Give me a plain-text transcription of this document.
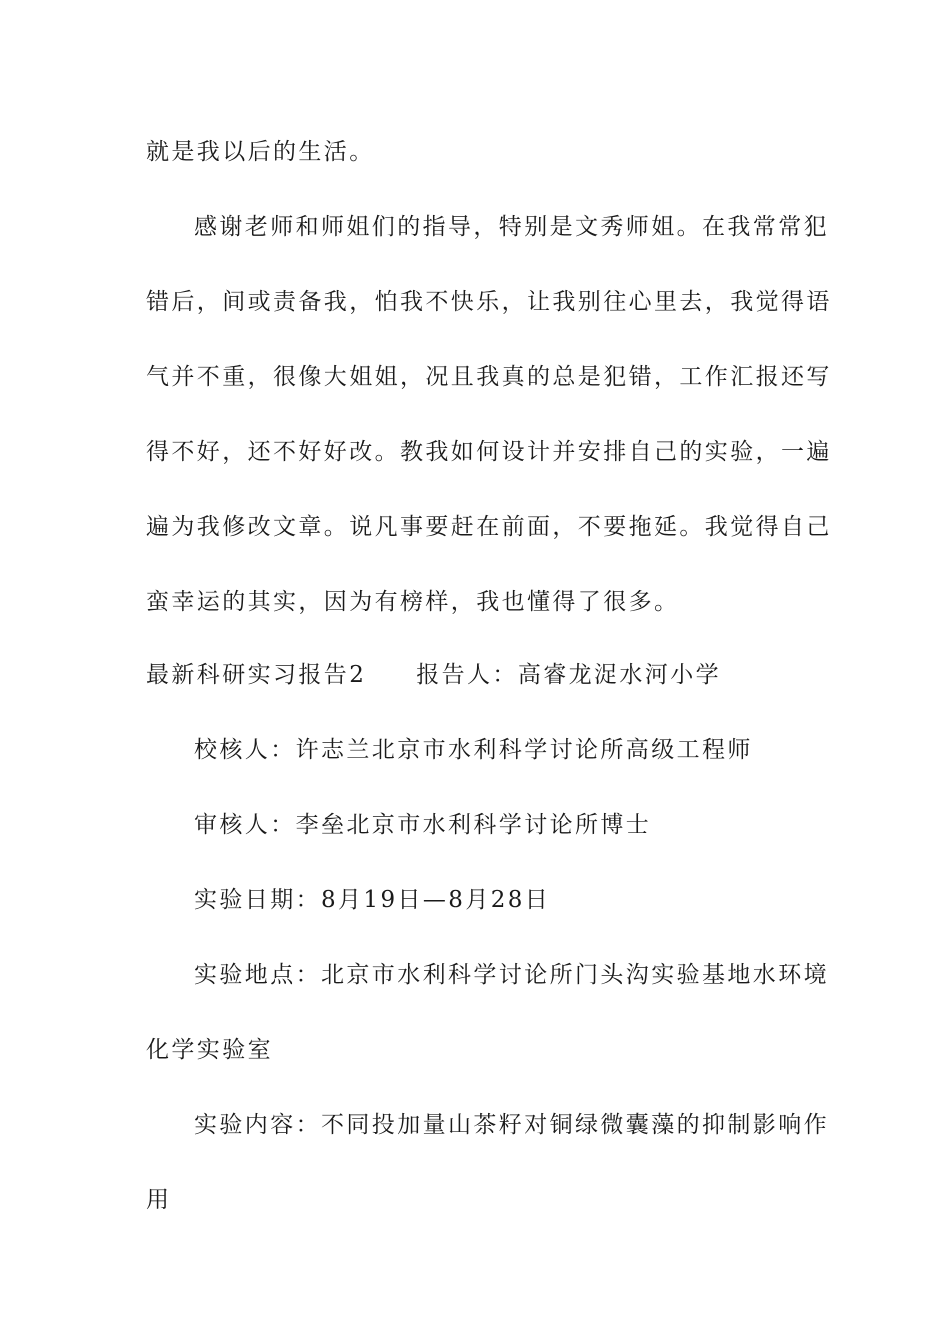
就是我以后的生活。
感谢老师和师姐们的指导，特别是文秀师姐。在我常常犯
错后，间或责备我，怕我不快乐，让我别往心里去，我觉得语
气并不重，很像大姐姐，况且我真的总是犯错，工作汇报还写
得不好，还不好好改。教我如何设计并安排自己的实验，一遍
遍为我修改文章。说凡事要赶在前面，不要拖延。我觉得自己
蛮幸运的其实，因为有榜样，我也懂得了很多。
最新科研实习报告2 报告人：高睿龙浞水河小学
校核人：许志兰北京市水利科学讨论所高级工程师
审核人：李垒北京市水利科学讨论所博士
实验日期：8月19日—8月28日
实验地点：北京市水利科学讨论所门头沟实验基地水环境
化学实验室
实验内容：不同投加量山茶籽对铜绿微囊藻的抑制影响作
用
